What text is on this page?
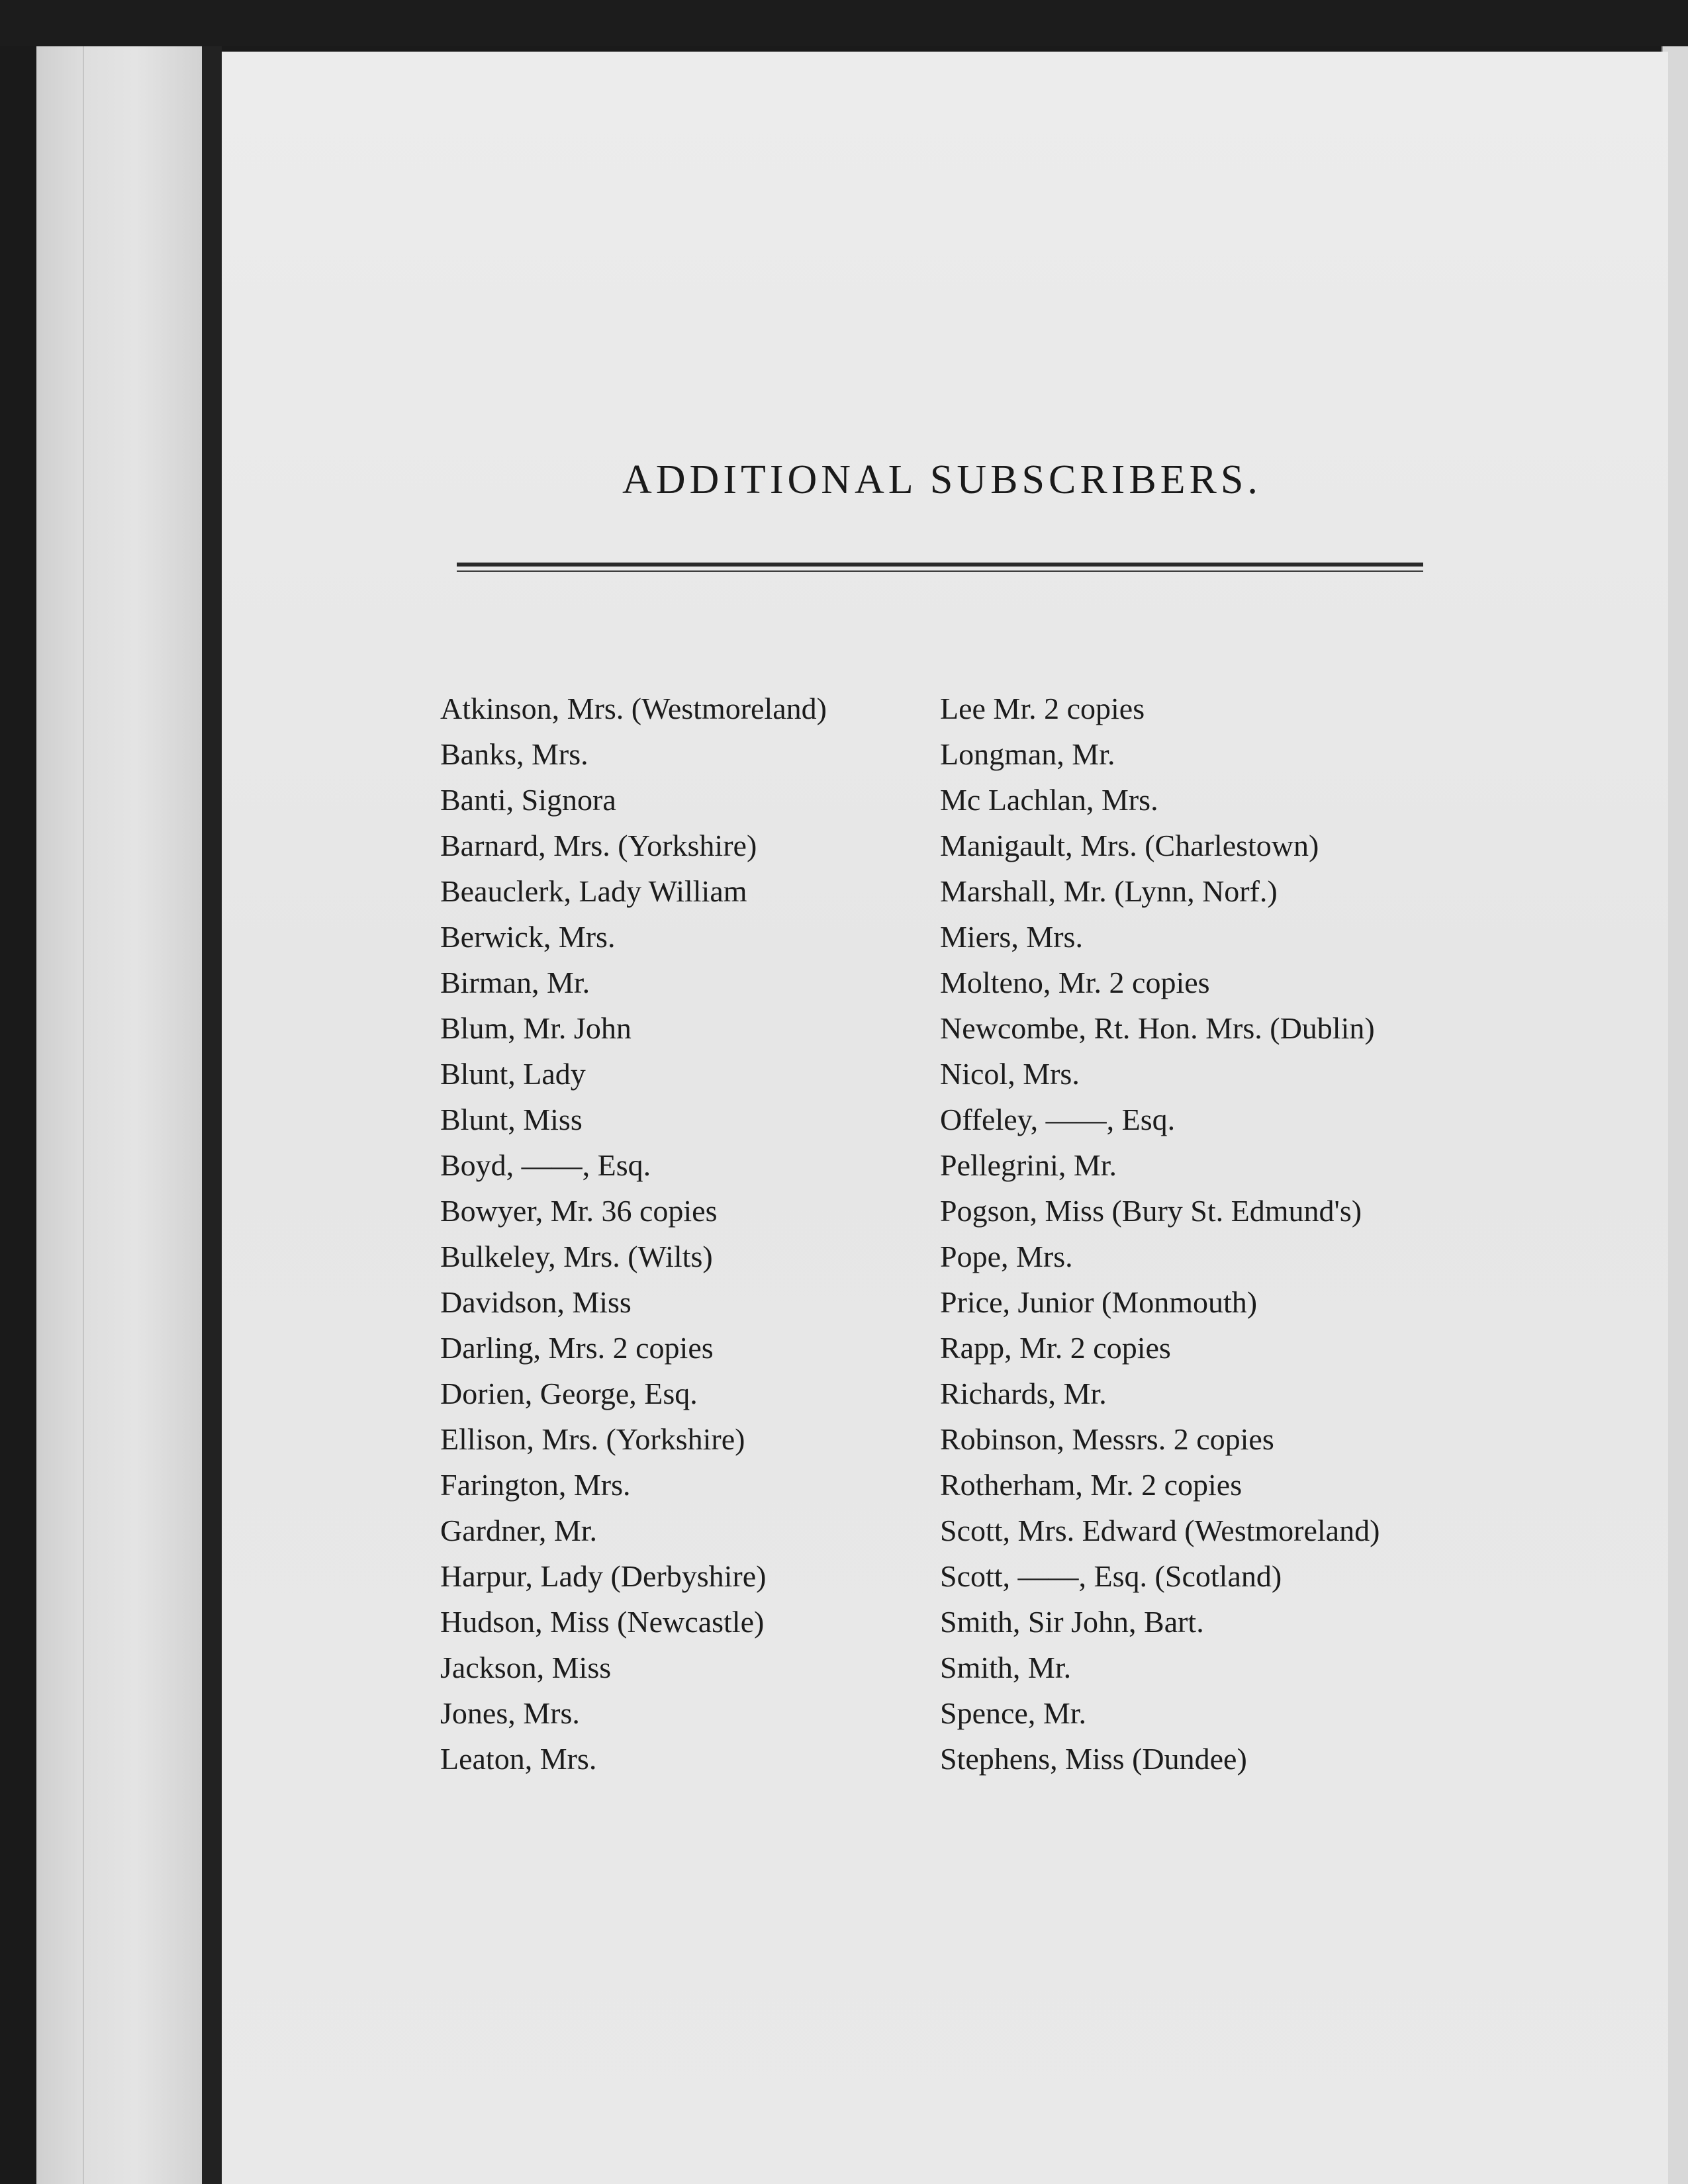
ADDITIONAL SUBSCRIBERS.
Atkinson, Mrs. (Westmoreland)
Banks, Mrs.
Banti, Signora
Barnard, Mrs. (Yorkshire)
Beauclerk, Lady William
Berwick, Mrs.
Birman, Mr.
Blum, Mr. John
Blunt, Lady
Blunt, Miss
Boyd, ——, Esq.
Bowyer, Mr. 36 copies
Bulkeley, Mrs. (Wilts)
Davidson, Miss
Darling, Mrs. 2 copies
Dorien, George, Esq.
Ellison, Mrs. (Yorkshire)
Farington, Mrs.
Gardner, Mr.
Harpur, Lady (Derbyshire)
Hudson, Miss (Newcastle)
Jackson, Miss
Jones, Mrs.
Leaton, Mrs.
Lee Mr. 2 copies
Longman, Mr.
Mc Lachlan, Mrs.
Manigault, Mrs. (Charlestown)
Marshall, Mr. (Lynn, Norf.)
Miers, Mrs.
Molteno, Mr. 2 copies
Newcombe, Rt. Hon. Mrs. (Dublin)
Nicol, Mrs.
Offeley, ——, Esq.
Pellegrini, Mr.
Pogson, Miss (Bury St. Edmund's)
Pope, Mrs.
Price, Junior (Monmouth)
Rapp, Mr. 2 copies
Richards, Mr.
Robinson, Messrs. 2 copies
Rotherham, Mr. 2 copies
Scott, Mrs. Edward (Westmoreland)
Scott, ——, Esq. (Scotland)
Smith, Sir John, Bart.
Smith, Mr.
Spence, Mr.
Stephens, Miss (Dundee)
